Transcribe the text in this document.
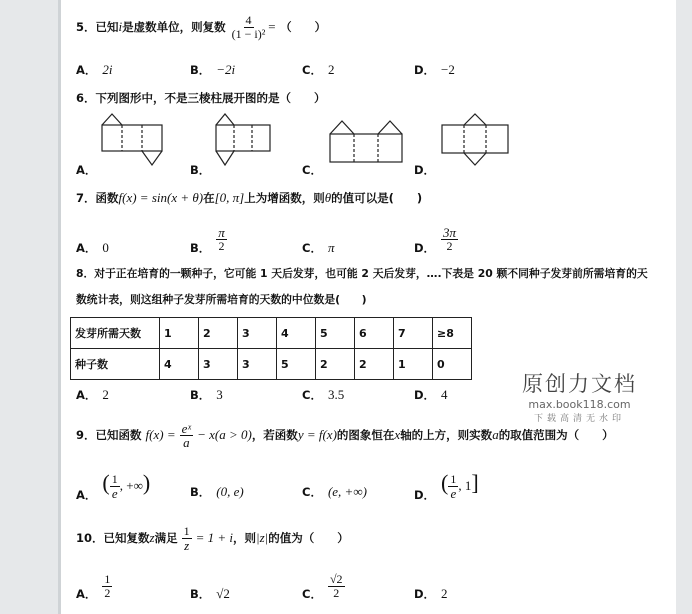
5．已知i是虚数单位，则复数 $\frac{4}{\text{(1 − i)²}}$ = （　　）
A． 2i	B． −2i	C． 2	D． −2
6．下列图形中，不是三棱柱展开图的是（　　）
A．	B．	C．	D．
7．函数f(x) = sin(x + θ)在[0, π]上为增函数，则θ的值可以是(　　)
A． 0	B． $\frac{\pi}{2}$	C． π	D． $\frac{3\pi}{2}$
8．对于正在培育的一颗种子，它可能 1 天后发芽，也可能 2 天后发芽，….下表是 20 颗不同种子发芽前所需培育的天
数统计表，则这组种子发芽所需培育的天数的中位数是(　　)
发芽所需天数	1	2	3	4	5	6	7	≥8
种子数	4	3	3	5	2	2	1	0
A． 2	B． 3	C． 3.5	D． 4	原创力文档
max.book118.com
下载高清无水印
9．已知函数 $f(x) = \frac{\text{eˣ}}{a} - x(a > 0)$，若函数y = f(x)的图象恒在x轴的上方，则实数a的取值范围为（　　）
A． ( $\frac{1}{e}$ , +∞)	B． (0, e)	C． (e, +∞)	D． ( $\frac{1}{e}$ , 1]
10．已知复数z满足 $\frac{1}{z} = 1 + i$，则|z|的值为（　　）
A． $\frac{1}{2}$	B． √2	C． $\frac{√2}{2}$	D． 2
